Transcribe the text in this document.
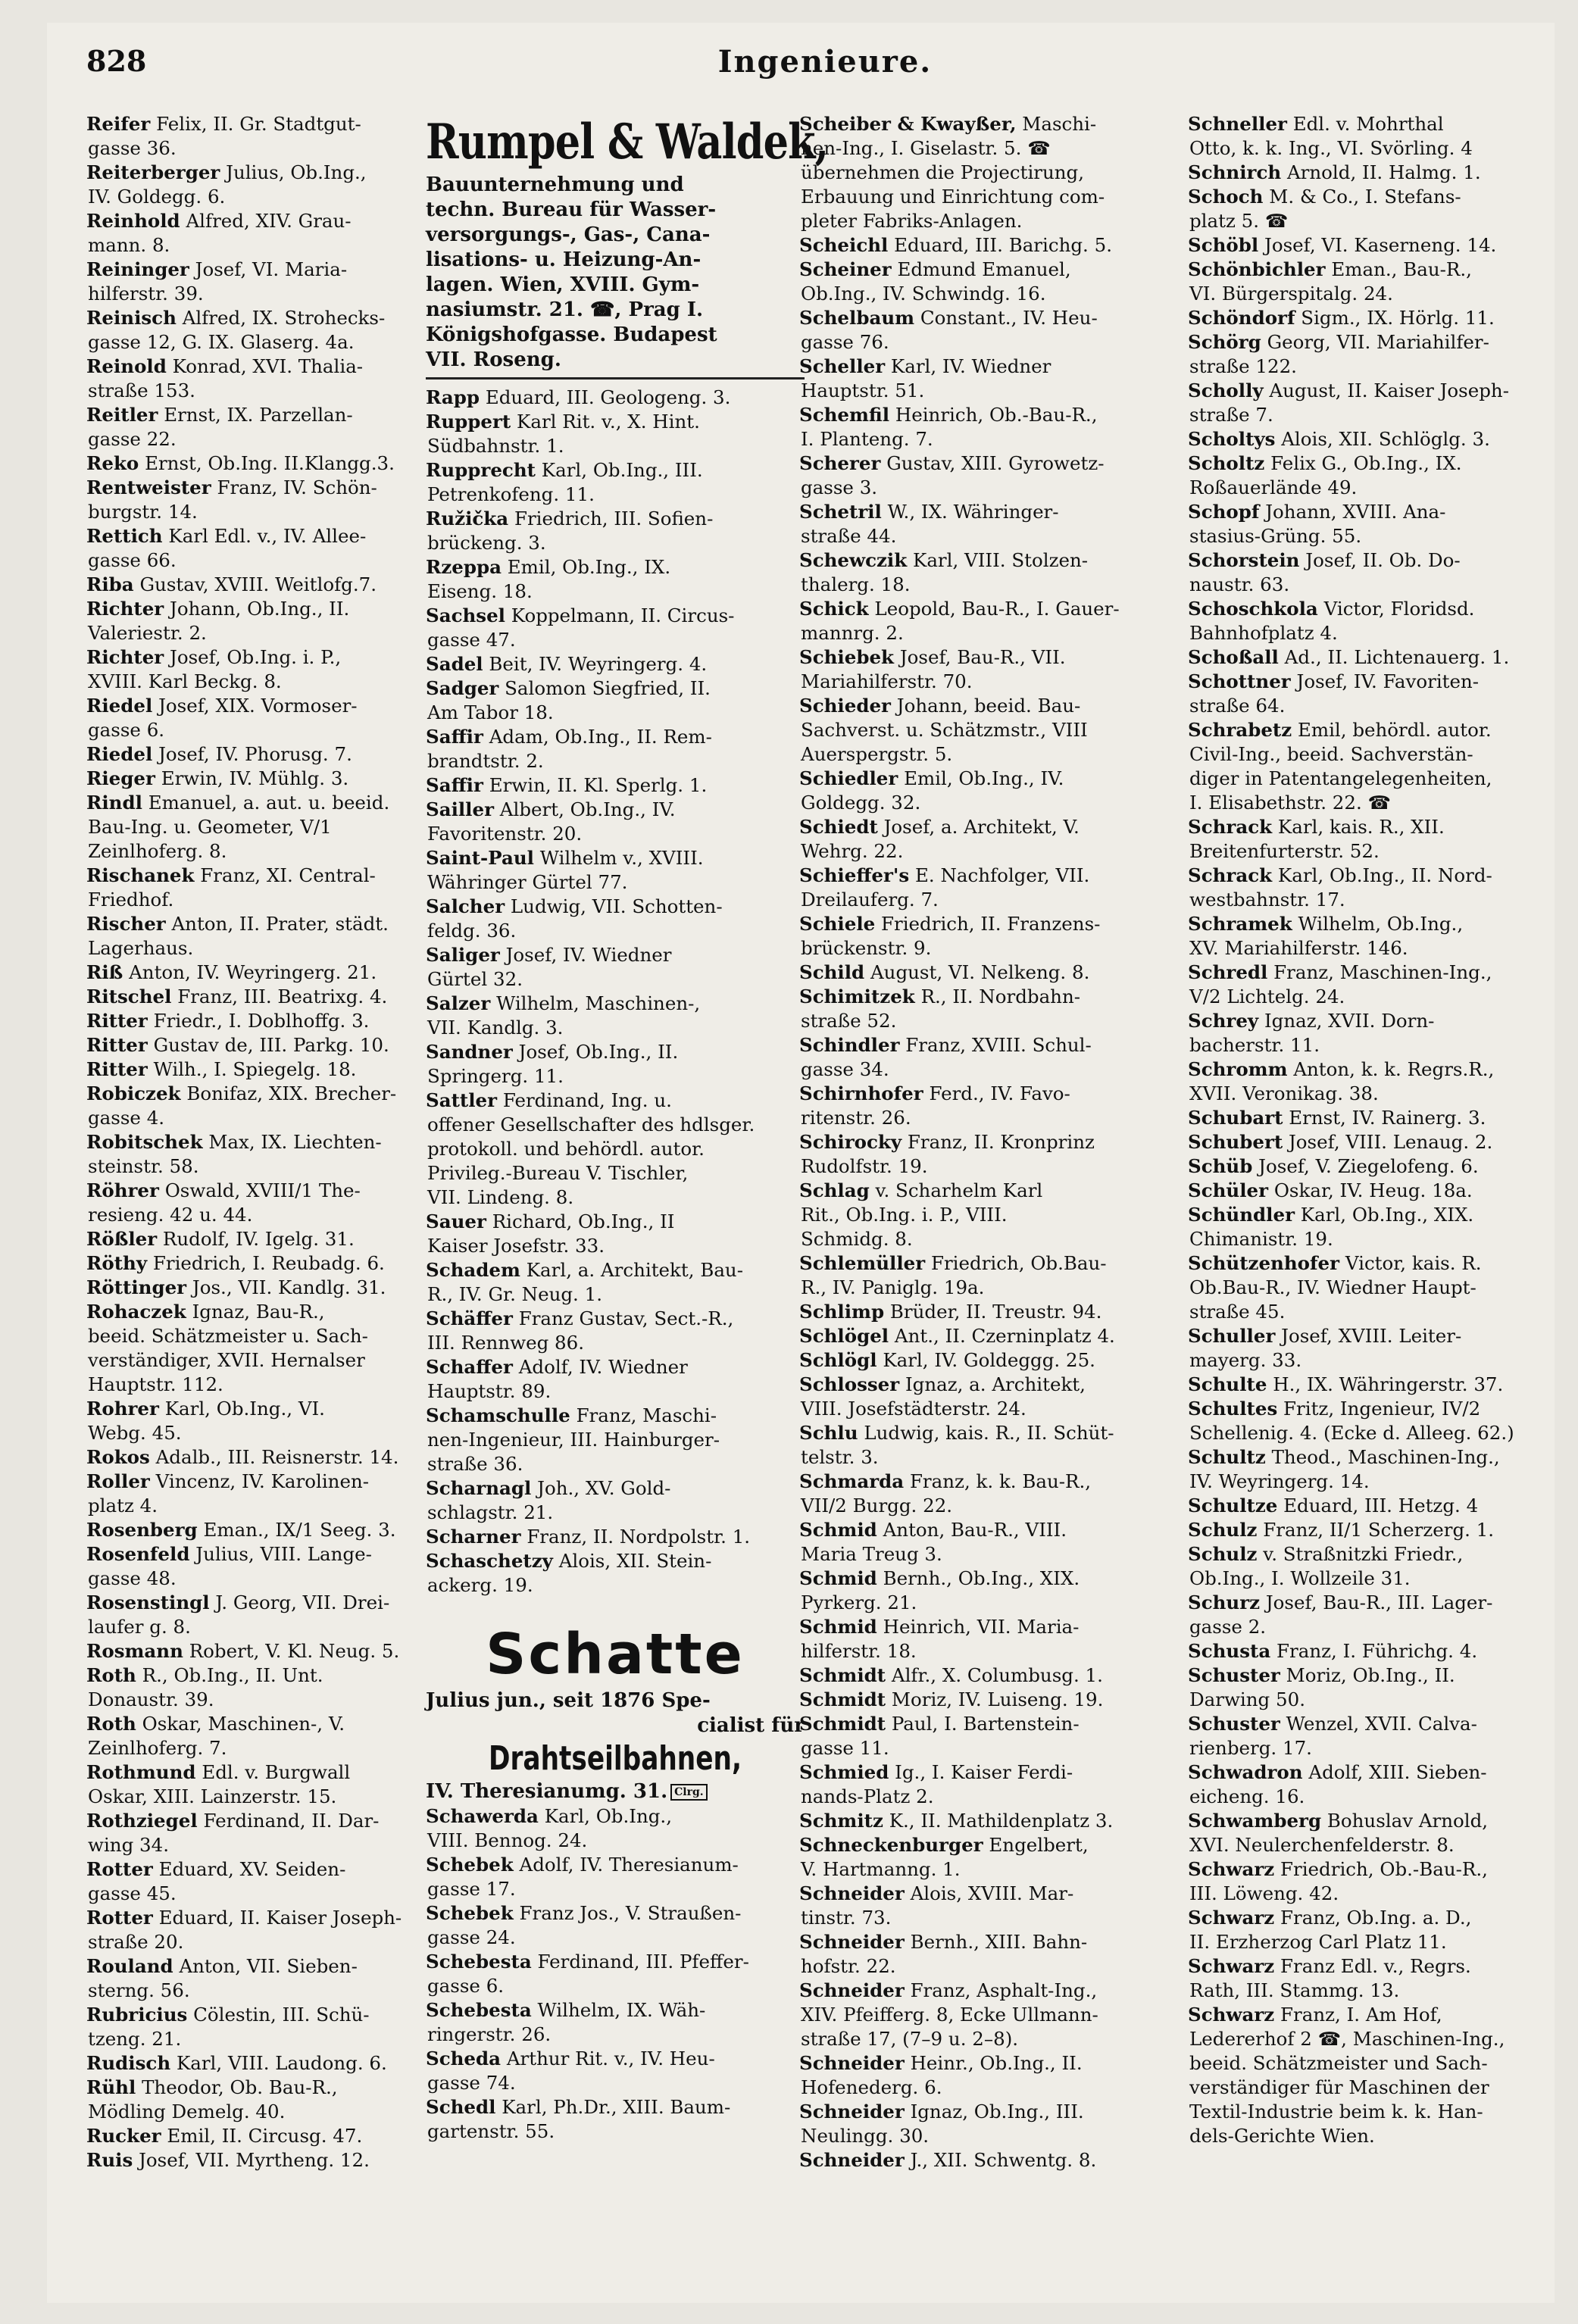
828	Ingenieure.
Reifer Felix, II. Gr. Stadtgut-
gasse 36.
Reiterberger Julius, Ob.Ing.,
IV. Goldegg. 6.
Reinhold Alfred, XIV. Grau-
mann. 8.
Reininger Josef, VI. Maria-
hilferstr. 39.
Reinisch Alfred, IX. Strohecks-
gasse 12, G. IX. Glaserg. 4a.
Reinold Konrad, XVI. Thalia-
straße 153.
Reitler Ernst, IX. Parzellan-
gasse 22.
Reko Ernst, Ob.Ing. II.Klangg.3.
Rentweister Franz, IV. Schön-
burgstr. 14.
Rettich Karl Edl. v., IV. Allee-
gasse 66.
Riba Gustav, XVIII. Weitlofg.7.
Richter Johann, Ob.Ing., II.
Valeriestr. 2.
Richter Josef, Ob.Ing. i. P.,
XVIII. Karl Beckg. 8.
Riedel Josef, XIX. Vormoser-
gasse 6.
Riedel Josef, IV. Phorusg. 7.
Rieger Erwin, IV. Mühlg. 3.
Rindl Emanuel, a. aut. u. beeid.
Bau-Ing. u. Geometer, V/1
Zeinlhoferg. 8.
Rischanek Franz, XI. Central-
Friedhof.
Rischer Anton, II. Prater, städt.
Lagerhaus.
Riß Anton, IV. Weyringerg. 21.
Ritschel Franz, III. Beatrixg. 4.
Ritter Friedr., I. Doblhoffg. 3.
Ritter Gustav de, III. Parkg. 10.
Ritter Wilh., I. Spiegelg. 18.
Robiczek Bonifaz, XIX. Brecher-
gasse 4.
Robitschek Max, IX. Liechten-
steinstr. 58.
Röhrer Oswald, XVIII/1 The-
resieng. 42 u. 44.
Rößler Rudolf, IV. Igelg. 31.
Röthy Friedrich, I. Reubadg. 6.
Röttinger Jos., VII. Kandlg. 31.
Rohaczek Ignaz, Bau-R.,
beeid. Schätzmeister u. Sach-
verständiger, XVII. Hernalser
Hauptstr. 112.
Rohrer Karl, Ob.Ing., VI.
Webg. 45.
Rokos Adalb., III. Reisnerstr. 14.
Roller Vincenz, IV. Karolinen-
platz 4.
Rosenberg Eman., IX/1 Seeg. 3.
Rosenfeld Julius, VIII. Lange-
gasse 48.
Rosenstingl J. Georg, VII. Drei-
laufer g. 8.
Rosmann Robert, V. Kl. Neug. 5.
Roth R., Ob.Ing., II. Unt.
Donaustr. 39.
Roth Oskar, Maschinen-, V.
Zeinlhoferg. 7.
Rothmund Edl. v. Burgwall
Oskar, XIII. Lainzerstr. 15.
Rothziegel Ferdinand, II. Dar-
wing 34.
Rotter Eduard, XV. Seiden-
gasse 45.
Rotter Eduard, II. Kaiser Joseph-
straße 20.
Rouland Anton, VII. Sieben-
sterng. 56.
Rubricius Cölestin, III. Schü-
tzeng. 21.
Rudisch Karl, VIII. Laudong. 6.
Rühl Theodor, Ob. Bau-R.,
Mödling Demelg. 40.
Rucker Emil, II. Circusg. 47.
Ruis Josef, VII. Myrtheng. 12.
Rumpel & Waldek,
Bauunternehmung und
techn. Bureau für Wasser-
versorgungs-, Gas-, Cana-
lisations- u. Heizung-An-
lagen. Wien, XVIII. Gym-
nasiumstr. 21. ☎, Prag I.
Königshofgasse. Budapest
VII. Roseng.
Rapp Eduard, III. Geologeng. 3.
Ruppert Karl Rit. v., X. Hint.
Südbahnstr. 1.
Rupprecht Karl, Ob.Ing., III.
Petrenkofeng. 11.
Ružička Friedrich, III. Sofien-
brückeng. 3.
Rzeppa Emil, Ob.Ing., IX.
Eiseng. 18.
Sachsel Koppelmann, II. Circus-
gasse 47.
Sadel Beit, IV. Weyringerg. 4.
Sadger Salomon Siegfried, II.
Am Tabor 18.
Saffir Adam, Ob.Ing., II. Rem-
brandtstr. 2.
Saffir Erwin, II. Kl. Sperlg. 1.
Sailler Albert, Ob.Ing., IV.
Favoritenstr. 20.
Saint-Paul Wilhelm v., XVIII.
Währinger Gürtel 77.
Salcher Ludwig, VII. Schotten-
feldg. 36.
Saliger Josef, IV. Wiedner
Gürtel 32.
Salzer Wilhelm, Maschinen-,
VII. Kandlg. 3.
Sandner Josef, Ob.Ing., II.
Springerg. 11.
Sattler Ferdinand, Ing. u.
offener Gesellschafter des hdlsger.
protokoll. und behördl. autor.
Privileg.-Bureau V. Tischler,
VII. Lindeng. 8.
Sauer Richard, Ob.Ing., II
Kaiser Josefstr. 33.
Schadem Karl, a. Architekt, Bau-
R., IV. Gr. Neug. 1.
Schäffer Franz Gustav, Sect.-R.,
III. Rennweg 86.
Schaffer Adolf, IV. Wiedner
Hauptstr. 89.
Schamschulle Franz, Maschi-
nen-Ingenieur, III. Hainburger-
straße 36.
Scharnagl Joh., XV. Gold-
schlagstr. 21.
Scharner Franz, II. Nordpolstr. 1.
Schaschetzy Alois, XII. Stein-
ackerg. 19.
Schatte
Julius jun., seit 1876 Spe-
cialist für
Drahtseilbahnen,
IV. Theresianumg. 31. Clrg.
Schawerda Karl, Ob.Ing.,
VIII. Bennog. 24.
Schebek Adolf, IV. Theresianum-
gasse 17.
Schebek Franz Jos., V. Straußen-
gasse 24.
Schebesta Ferdinand, III. Pfeffer-
gasse 6.
Schebesta Wilhelm, IX. Wäh-
ringerstr. 26.
Scheda Arthur Rit. v., IV. Heu-
gasse 74.
Schedl Karl, Ph.Dr., XIII. Baum-
gartenstr. 55.
Scheiber & Kwayßer, Maschi-
nen-Ing., I. Giselastr. 5. ☎
übernehmen die Projectirung,
Erbauung und Einrichtung com-
pleter Fabriks-Anlagen.
Scheichl Eduard, III. Barichg. 5.
Scheiner Edmund Emanuel,
Ob.Ing., IV. Schwindg. 16.
Schelbaum Constant., IV. Heu-
gasse 76.
Scheller Karl, IV. Wiedner
Hauptstr. 51.
Schemfil Heinrich, Ob.-Bau-R.,
I. Planteng. 7.
Scherer Gustav, XIII. Gyrowetz-
gasse 3.
Schetril W., IX. Währinger-
straße 44.
Schewczik Karl, VIII. Stolzen-
thalerg. 18.
Schick Leopold, Bau-R., I. Gauer-
mannrg. 2.
Schiebek Josef, Bau-R., VII.
Mariahilferstr. 70.
Schieder Johann, beeid. Bau-
Sachverst. u. Schätzmstr., VIII
Auerspergstr. 5.
Schiedler Emil, Ob.Ing., IV.
Goldegg. 32.
Schiedt Josef, a. Architekt, V.
Wehrg. 22.
Schieffer's E. Nachfolger, VII.
Dreilauferg. 7.
Schiele Friedrich, II. Franzens-
brückenstr. 9.
Schild August, VI. Nelkeng. 8.
Schimitzek R., II. Nordbahn-
straße 52.
Schindler Franz, XVIII. Schul-
gasse 34.
Schirnhofer Ferd., IV. Favo-
ritenstr. 26.
Schirocky Franz, II. Kronprinz
Rudolfstr. 19.
Schlag v. Scharhelm Karl
Rit., Ob.Ing. i. P., VIII.
Schmidg. 8.
Schlemüller Friedrich, Ob.Bau-
R., IV. Paniglg. 19a.
Schlimp Brüder, II. Treustr. 94.
Schlögel Ant., II. Czerninplatz 4.
Schlögl Karl, IV. Goldeggg. 25.
Schlosser Ignaz, a. Architekt,
VIII. Josefstädterstr. 24.
Schlu Ludwig, kais. R., II. Schüt-
telstr. 3.
Schmarda Franz, k. k. Bau-R.,
VII/2 Burgg. 22.
Schmid Anton, Bau-R., VIII.
Maria Treug 3.
Schmid Bernh., Ob.Ing., XIX.
Pyrkerg. 21.
Schmid Heinrich, VII. Maria-
hilferstr. 18.
Schmidt Alfr., X. Columbusg. 1.
Schmidt Moriz, IV. Luiseng. 19.
Schmidt Paul, I. Bartenstein-
gasse 11.
Schmied Ig., I. Kaiser Ferdi-
nands-Platz 2.
Schmitz K., II. Mathildenplatz 3.
Schneckenburger Engelbert,
V. Hartmanng. 1.
Schneider Alois, XVIII. Mar-
tinstr. 73.
Schneider Bernh., XIII. Bahn-
hofstr. 22.
Schneider Franz, Asphalt-Ing.,
XIV. Pfeifferg. 8, Ecke Ullmann-
straße 17, (7–9 u. 2–8).
Schneider Heinr., Ob.Ing., II.
Hofenederg. 6.
Schneider Ignaz, Ob.Ing., III.
Neulingg. 30.
Schneider J., XII. Schwentg. 8.
Schneller Edl. v. Mohrthal
Otto, k. k. Ing., VI. Svörling. 4
Schnirch Arnold, II. Halmg. 1.
Schoch M. & Co., I. Stefans-
platz 5. ☎
Schöbl Josef, VI. Kaserneng. 14.
Schönbichler Eman., Bau-R.,
VI. Bürgerspitalg. 24.
Schöndorf Sigm., IX. Hörlg. 11.
Schörg Georg, VII. Mariahilfer-
straße 122.
Scholly August, II. Kaiser Joseph-
straße 7.
Scholtys Alois, XII. Schlöglg. 3.
Scholtz Felix G., Ob.Ing., IX.
Roßauerlände 49.
Schopf Johann, XVIII. Ana-
stasius-Grüng. 55.
Schorstein Josef, II. Ob. Do-
naustr. 63.
Schoschkola Victor, Floridsd.
Bahnhofplatz 4.
Schoßall Ad., II. Lichtenauerg. 1.
Schottner Josef, IV. Favoriten-
straße 64.
Schrabetz Emil, behördl. autor.
Civil-Ing., beeid. Sachverstän-
diger in Patentangelegenheiten,
I. Elisabethstr. 22. ☎
Schrack Karl, kais. R., XII.
Breitenfurterstr. 52.
Schrack Karl, Ob.Ing., II. Nord-
westbahnstr. 17.
Schramek Wilhelm, Ob.Ing.,
XV. Mariahilferstr. 146.
Schredl Franz, Maschinen-Ing.,
V/2 Lichtelg. 24.
Schrey Ignaz, XVII. Dorn-
bacherstr. 11.
Schromm Anton, k. k. Regrs.R.,
XVII. Veronikag. 38.
Schubart Ernst, IV. Rainerg. 3.
Schubert Josef, VIII. Lenaug. 2.
Schüb Josef, V. Ziegelofeng. 6.
Schüler Oskar, IV. Heug. 18a.
Schündler Karl, Ob.Ing., XIX.
Chimanistr. 19.
Schützenhofer Victor, kais. R.
Ob.Bau-R., IV. Wiedner Haupt-
straße 45.
Schuller Josef, XVIII. Leiter-
mayerg. 33.
Schulte H., IX. Währingerstr. 37.
Schultes Fritz, Ingenieur, IV/2
Schellenig. 4. (Ecke d. Alleeg. 62.)
Schultz Theod., Maschinen-Ing.,
IV. Weyringerg. 14.
Schultze Eduard, III. Hetzg. 4
Schulz Franz, II/1 Scherzerg. 1.
Schulz v. Straßnitzki Friedr.,
Ob.Ing., I. Wollzeile 31.
Schurz Josef, Bau-R., III. Lager-
gasse 2.
Schusta Franz, I. Führichg. 4.
Schuster Moriz, Ob.Ing., II.
Darwing 50.
Schuster Wenzel, XVII. Calva-
rienberg. 17.
Schwadron Adolf, XIII. Sieben-
eicheng. 16.
Schwamberg Bohuslav Arnold,
XVI. Neulerchenfelderstr. 8.
Schwarz Friedrich, Ob.-Bau-R.,
III. Löweng. 42.
Schwarz Franz, Ob.Ing. a. D.,
II. Erzherzog Carl Platz 11.
Schwarz Franz Edl. v., Regrs.
Rath, III. Stammg. 13.
Schwarz Franz, I. Am Hof,
Ledererhof 2 ☎, Maschinen-Ing.,
beeid. Schätzmeister und Sach-
verständiger für Maschinen der
Textil-Industrie beim k. k. Han-
dels-Gerichte Wien.
